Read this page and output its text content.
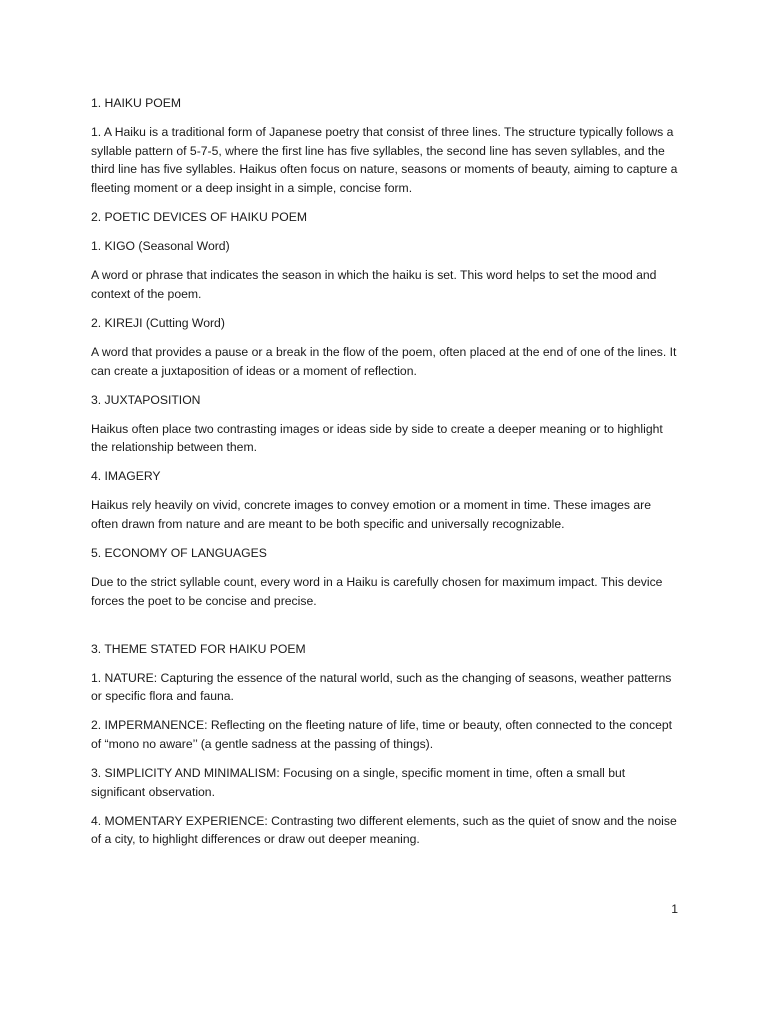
1. HAIKU POEM

1. A Haiku is a traditional form of Japanese poetry that consist of three lines. The structure typically follows a syllable pattern of 5-7-5, where the first line has five syllables, the second line has seven syllables, and the third line has five syllables. Haikus often focus on nature, seasons or moments of beauty, aiming to capture a fleeting moment or a deep insight in a simple, concise form.

2. POETIC DEVICES OF HAIKU POEM

1. KIGO (Seasonal Word)

A word or phrase that indicates the season in which the haiku is set. This word helps to set the mood and context of the poem.

2. KIREJI (Cutting Word)

A word that provides a pause or a break in the flow of the poem, often placed at the end of one of the lines. It can create a juxtaposition of ideas or a moment of reflection.

3. JUXTAPOSITION

Haikus often place two contrasting images or ideas side by side to create a deeper meaning or to highlight the relationship between them.

4. IMAGERY

Haikus rely heavily on vivid, concrete images to convey emotion or a moment in time. These images are often drawn from nature and are meant to be both specific and universally recognizable.

5. ECONOMY OF LANGUAGES

Due to the strict syllable count, every word in a Haiku is carefully chosen for maximum impact. This device forces the poet to be concise and precise.

3. THEME STATED FOR HAIKU POEM

1. NATURE: Capturing the essence of the natural world, such as the changing of seasons, weather patterns or specific flora and fauna.

2. IMPERMANENCE: Reflecting on the fleeting nature of life, time or beauty, often connected to the concept of “mono no aware’’ (a gentle sadness at the passing of things).

3. SIMPLICITY AND MINIMALISM: Focusing on a single, specific moment in time, often a small but significant observation.

4. MOMENTARY EXPERIENCE: Contrasting two different elements, such as the quiet of snow and the noise of a city, to highlight differences or draw out deeper meaning.

1
